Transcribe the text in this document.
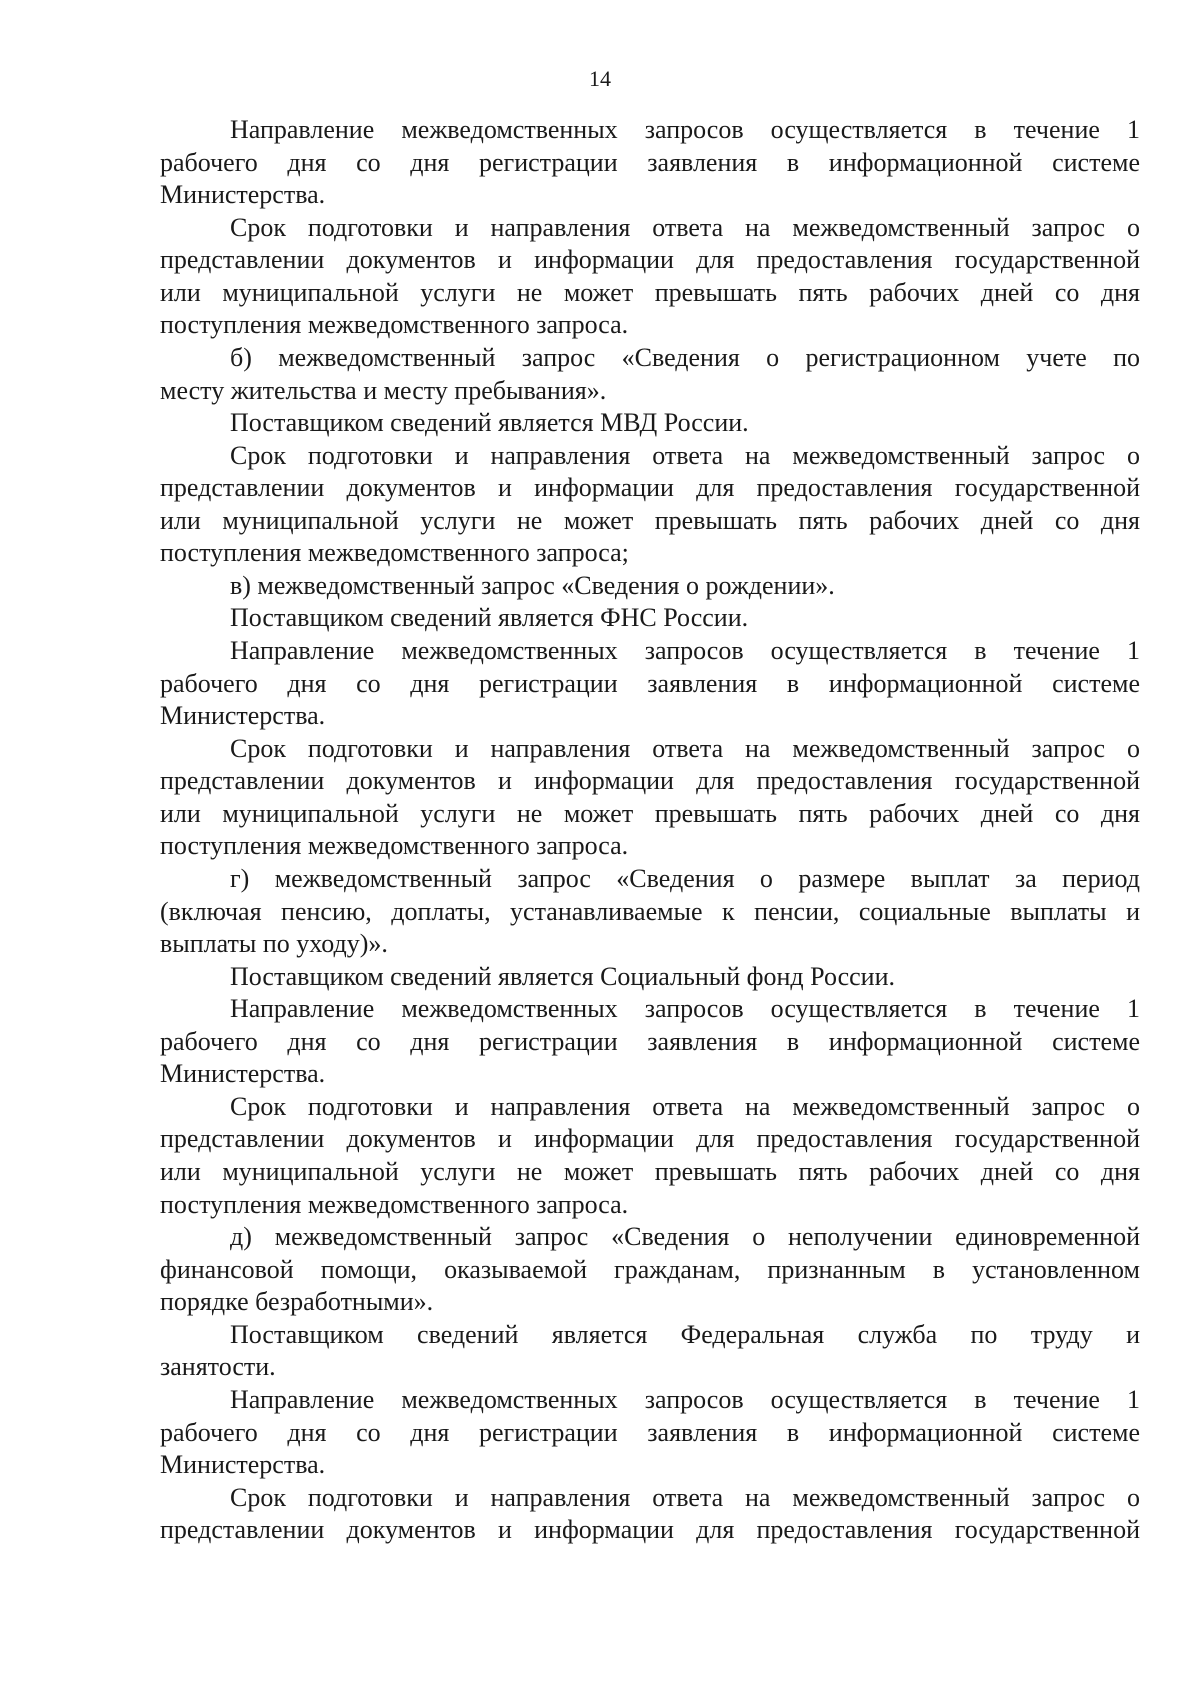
14
Направление межведомственных запросов осуществляется в течение 1
рабочего дня со дня регистрации заявления в информационной системе
Министерства.
Срок подготовки и направления ответа на межведомственный запрос о
представлении документов и информации для предоставления государственной
или муниципальной услуги не может превышать пять рабочих дней со дня
поступления межведомственного запроса.
б) межведомственный запрос «Сведения о регистрационном учете по
месту жительства и месту пребывания».
Поставщиком сведений является МВД России.
Срок подготовки и направления ответа на межведомственный запрос о
представлении документов и информации для предоставления государственной
или муниципальной услуги не может превышать пять рабочих дней со дня
поступления межведомственного запроса;
в) межведомственный запрос «Сведения о рождении».
Поставщиком сведений является ФНС России.
Направление межведомственных запросов осуществляется в течение 1
рабочего дня со дня регистрации заявления в информационной системе
Министерства.
Срок подготовки и направления ответа на межведомственный запрос о
представлении документов и информации для предоставления государственной
или муниципальной услуги не может превышать пять рабочих дней со дня
поступления межведомственного запроса.
г) межведомственный запрос «Сведения о размере выплат за период
(включая пенсию, доплаты, устанавливаемые к пенсии, социальные выплаты и
выплаты по уходу)».
Поставщиком сведений является Социальный фонд России.
Направление межведомственных запросов осуществляется в течение 1
рабочего дня со дня регистрации заявления в информационной системе
Министерства.
Срок подготовки и направления ответа на межведомственный запрос о
представлении документов и информации для предоставления государственной
или муниципальной услуги не может превышать пять рабочих дней со дня
поступления межведомственного запроса.
д) межведомственный запрос «Сведения о неполучении единовременной
финансовой помощи, оказываемой гражданам, признанным в установленном
порядке безработными».
Поставщиком сведений является Федеральная служба по труду и
занятости.
Направление межведомственных запросов осуществляется в течение 1
рабочего дня со дня регистрации заявления в информационной системе
Министерства.
Срок подготовки и направления ответа на межведомственный запрос о
представлении документов и информации для предоставления государственной
